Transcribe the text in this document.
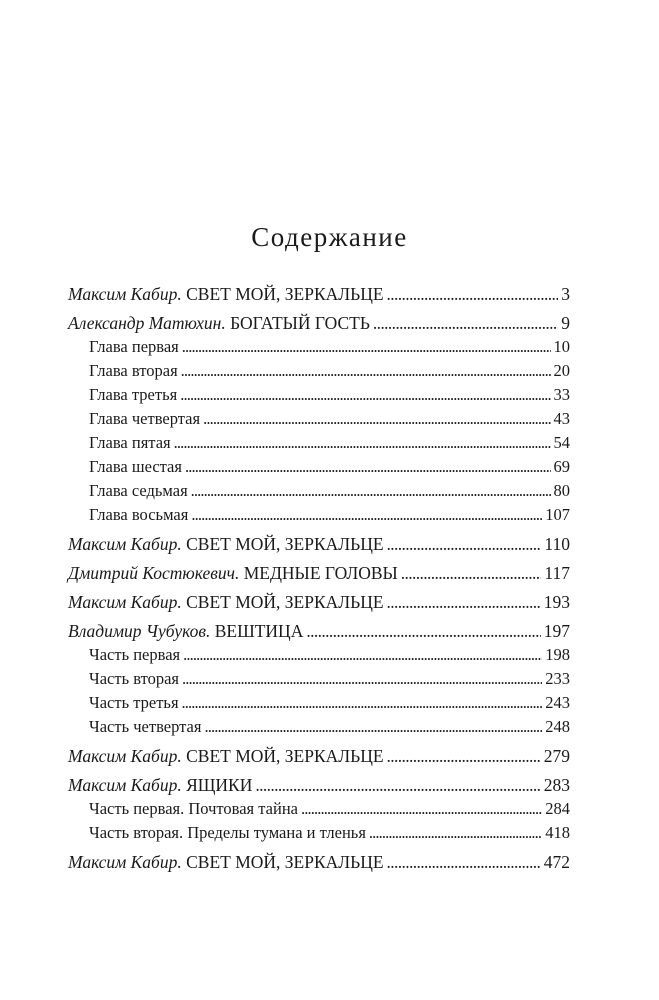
Содержание
Максим Кабир.
СВЕТ МОЙ, ЗЕРКАЛЬЦЕ . . .	3
Александр Матюхин.
БОГАТЫЙ ГОСТЬ . . .	9
Глава первая . . .	10
Глава вторая . . .	20
Глава третья . . .	33
Глава четвертая . . .	43
Глава пятая . . .	54
Глава шестая . . .	69
Глава седьмая . . .	80
Глава восьмая . . .	107
Максим Кабир.
СВЕТ МОЙ, ЗЕРКАЛЬЦЕ . . .	110
Дмитрий Костюкевич.
МЕДНЫЕ ГОЛОВЫ . . .	117
Максим Кабир.
СВЕТ МОЙ, ЗЕРКАЛЬЦЕ . . .	193
Владимир Чубуков.
ВЕШТИЦА . . .	197
Часть первая . . .	198
Часть вторая . . .	233
Часть третья . . .	243
Часть четвертая . . .	248
Максим Кабир.
СВЕТ МОЙ, ЗЕРКАЛЬЦЕ . . .	279
Максим Кабир.
ЯЩИКИ . . .	283
Часть первая. Почтовая тайна . . .	284
Часть вторая. Пределы тумана и тленья . . .	418
Максим Кабир.
СВЕТ МОЙ, ЗЕРКАЛЬЦЕ . . .	472
